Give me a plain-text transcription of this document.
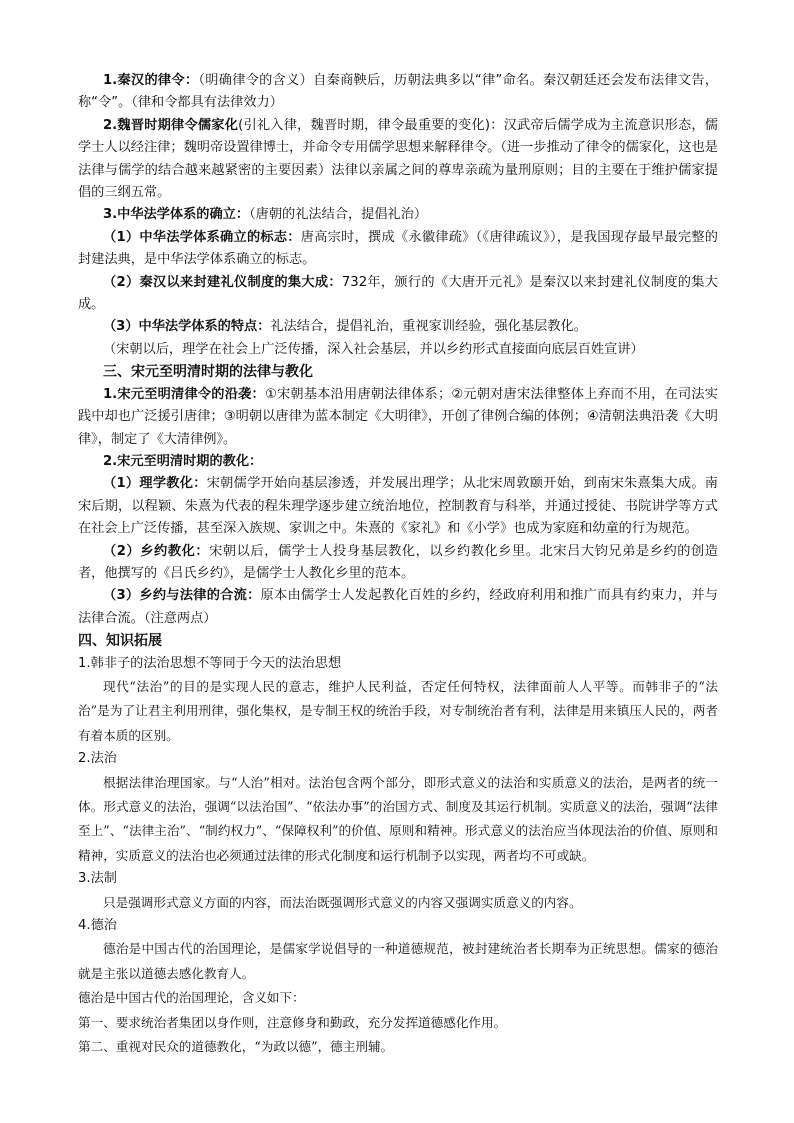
1.秦汉的律令：（明确律令的含义）自秦商鞅后，历朝法典多以“律”命名。秦汉朝廷还会发布法律文告，称“令”。（律和令都具有法律效力）

2.魏晋时期律令儒家化(引礼入律，魏晋时期，律令最重要的变化)：汉武帝后儒学成为主流意识形态，儒学士人以经注律；魏明帝设置律博士，并命令专用儒学思想来解释律令。（进一步推动了律令的儒家化，这也是法律与儒学的结合越来越紧密的主要因素）法律以亲属之间的尊卑亲疏为量刑原则；目的主要在于维护儒家提倡的三纲五常。

3.中华法学体系的确立：（唐朝的礼法结合，提倡礼治）

（1）中华法学体系确立的标志：唐高宗时，撰成《永徽律疏》（《唐律疏议》），是我国现存最早最完整的封建法典，是中华法学体系确立的标志。

（2）秦汉以来封建礼仪制度的集大成：732年，颁行的《大唐开元礼》是秦汉以来封建礼仪制度的集大成。

（3）中华法学体系的特点：礼法结合，提倡礼治，重视家训经验，强化基层教化。

（宋朝以后，理学在社会上广泛传播，深入社会基层，并以乡约形式直接面向底层百姓宣讲）

三、宋元至明清时期的法律与教化

1.宋元至明清律令的沿袭：①宋朝基本沿用唐朝法律体系；②元朝对唐宋法律整体上弃而不用，在司法实践中却也广泛援引唐律；③明朝以唐律为蓝本制定《大明律》，开创了律例合编的体例；④清朝法典沿袭《大明律》，制定了《大清律例》。

2.宋元至明清时期的教化：

（1）理学教化：宋朝儒学开始向基层渗透，并发展出理学；从北宋周敦颐开始，到南宋朱熹集大成。南宋后期，以程颖、朱熹为代表的程朱理学逐步建立统治地位，控制教育与科举，并通过授徒、书院讲学等方式在社会上广泛传播，甚至深入族规、家训之中。朱熹的《家礼》和《小学》也成为家庭和幼童的行为规范。

（2）乡约教化：宋朝以后，儒学士人投身基层教化，以乡约教化乡里。北宋吕大钧兄弟是乡约的创造者，他撰写的《吕氏乡约》，是儒学士人教化乡里的范本。

（3）乡约与法律的合流：原本由儒学士人发起教化百姓的乡约，经政府利用和推广而具有约束力，并与法律合流。（注意两点）

四、知识拓展

1.韩非子的法治思想不等同于今天的法治思想

现代“法治”的目的是实现人民的意志，维护人民利益，否定任何特权，法律面前人人平等。而韩非子的“法治”是为了让君主利用刑律，强化集权，是专制王权的统治手段，对专制统治者有利，法律是用来镇压人民的，两者有着本质的区别。

2.法治

根据法律治理国家。与“人治”相对。法治包含两个部分，即形式意义的法治和实质意义的法治，是两者的统一体。形式意义的法治，强调“以法治国”、“依法办事”的治国方式、制度及其运行机制。实质意义的法治，强调“法律至上”、“法律主治”、“制约权力”、“保障权利”的价值、原则和精神。形式意义的法治应当体现法治的价值、原则和精神，实质意义的法治也必须通过法律的形式化制度和运行机制予以实现，两者均不可或缺。

3.法制

只是强调形式意义方面的内容，而法治既强调形式意义的内容又强调实质意义的内容。

4.德治

德治是中国古代的治国理论，是儒家学说倡导的一种道德规范，被封建统治者长期奉为正统思想。儒家的德治就是主张以道德去感化教育人。

德治是中国古代的治国理论，含义如下：

第一、要求统治者集团以身作则，注意修身和勤政，充分发挥道德感化作用。

第二、重视对民众的道德教化，“为政以德”，德主刑辅。
